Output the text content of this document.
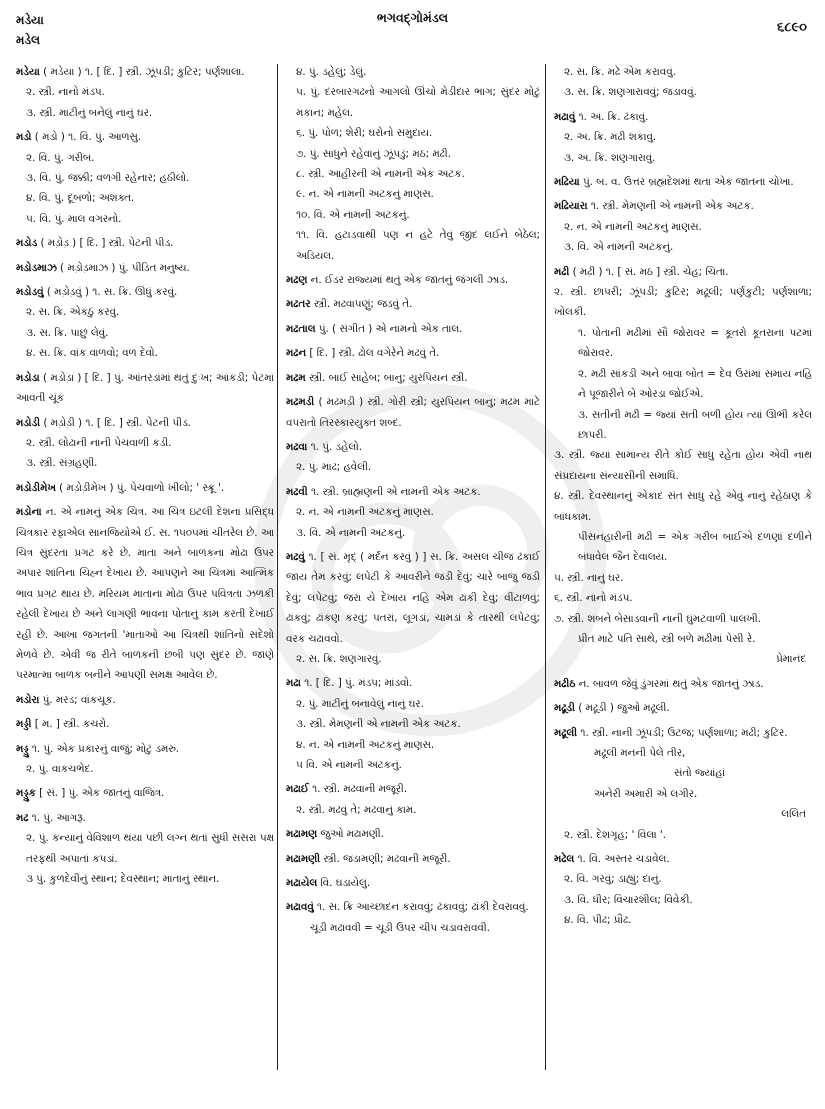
મડેયા
મડેલ
ભગવદ્ગોમંડલ
૬૮૯૦
મડેયા ( મડેયા ) ૧. [ દિ. ] સ્ત્રી. ઝૂંપડી; કુટિર; પર્ણશાલા.
૨. સ્ત્રી. નાનો મંડપ.
૩. સ્ત્રી. માટીનું બનેલું નાનું ઘર.
મડો ( મડો ) ૧. વિ. પું. આળસુ.
૨. વિ. પું. ગરીબ.
૩. વિ. પું. જક્કી; વળગી રહેનાર; હઠીલો.
૪. વિ. પું. દૂબળો; અશક્ત.
૫. વિ. પું. માલ વગરનો.
મડોડ ( મડ઼ોડ઼ ) [ દિ. ] સ્ત્રી. પેટની પીડ.
મડોડમાઝ ( મડ઼ોડ઼માઝ ) પું. પીડિત મનુષ્ય.
મડોડવું ( મડ઼ોડ઼વું ) ૧. સ. ક્રિ. ઊંધું કરવું.
૨. સ. ક્રિ. એકઠું કરવું.
૩. સ. ક્રિ. પાછું લેવું.
૪. સ. ક્રિ. વાંક વાળવો; વળ દેવો.
મડોડા ( મડ઼ોડ઼ા ) [ દિ. ] પું. આંતરડાંમાં થતું દુઃખ; આંકડી; પેટમાં આવતી ચૂંક
મડોડી ( મડ઼ોડ઼ી ) ૧. [ દિ. ] સ્ત્રી. પેટની પીડ.
૨. સ્ત્રી. લોઢાની નાની પેચવાળી કડી.
૩. સ્ત્રી. સંગ્રહણી.
મડોડીમેખ ( મડ઼ોડ઼ીમેખ ) પું. પેચવાળો ખીલો; ' સ્ક્રૂ '.
મડોના ન. એ નામનું એક ચિત્ર. આ ચિત્ર ઇટલી દેશના પ્રસિદ્ધ ચિત્રકાર રફાએલ સાનજિયોએ ઈ. સ. ૧૫૦૫માં ચીતરેલ છે. આ ચિત્ર સુંદરતા પ્રગટ કરે છે. માતા અને બાળકના મોઢા ઉપર અપાર શાંતિના ચિહ્ન દેખાય છે. આપણને આ ચિત્રમાં આત્મિક ભાવ પ્રગટ થાય છે. મરિયમ માતાના મોઢા ઉપર પવિત્રતા ઝળકી રહેલી દેખાય છે અને લાગણી ભાવના પોતાનું કામ કરતી દેખાઈ રહી છે. આખા જગતની 'માતાઓ આ ચિત્રથી શાંતિનો સંદેશો મેળવે છે. એવી જ રીતે બાળકની છબી પણ સુંદર છે. જાણે પરમાત્મા બાળક બનીને આપણી સમક્ષ આવેલ છે.
મડોરા પું. મરડ; વાંકચૂક.
મડ્ડી [ મ. ] સ્ત્રી. કચરો.
મડ્ડુ ૧. પું. એક પ્રકારનું વાજું; મોટું ડમરુ.
૨. પું. વાકચભેદ.
મડ્ડુક [ સં. ] પું. એક જાતનું વાજિંત્ર.
મઢ ૧. પું. આગરૂ.
૨. પું. કન્યાનું વેવિશાળ થયા પછી લગ્ન થતાં સુધી સસરા પક્ષ તરફથી અપાતાં કપડાં.
૩ પું. કુળદેવીનું સ્થાન; દેવસ્થાન; માતાનું સ્થાન.
૪. પું. ડહેલું; ડેલું.
૫. પું. દરબારગઢનો આગલો ઊંચો મેડીદાર ભાગ; સુંદર મોટું મકાન; મહેલ.
૬. પું. પોળ; શેરી; ઘરોનો સમુદાય.
૭. પું. સાધુને રહેવાનું ઝૂંપડું; મઠ; મઢી.
૮. સ્ત્રી. આહીરની એ નામની એક અટક.
૯. ન. એ નામની અટકનું માણસ.
૧૦. વિ. એ નામની અટકનું.
૧૧. વિ. હટાડવાથી પણ ન હટે તેવું જીદ લઈને બેઠેલ; અડિયલ.
મઢણ ન. ઈડર રાજ્યમાં થતું એક જાતનું જંગલી ઝાડ.
મઢતર સ્ત્રી. મઢવાપણું; જડવું તે.
મઢતાલ પું. ( સંગીત ) એ નામનો એક તાલ.
મઢન [ દિ. ] સ્ત્રી. ઢોલ વગેરેને મઢવું તે.
મઢમ સ્ત્રી. બાઈ સાહેબ; બાનુ; યુરપિયન સ્ત્રી.
મઢમડી ( મઢમડ઼ી ) સ્ત્રી. ગોરી સ્ત્રી; યુરપિયન બાનુ; મઢમ માટે વપરાતો તિરસ્કારયુક્ત શબ્દ.
મઢવા ૧. પું. ડહેલો.
૨. પું. માઢ; હવેલી.
મઢવી ૧. સ્ત્રી. બ્રાહ્મણની એ નામની એક અટક.
૨. ન. એ નામની અટકનું માણસ.
૩. વિ. એ નામની અટકનું.
મઢવું ૧. [ સં. મૃદ્ ( મર્દન કરવું ) ] સ. ક્રિ. અસલ ચીજ ઢંકાઈ જાય તેમ કરવું; લપેટી કે આવરીને જડી દેવું; ચારે બાજુ જડી દેવું; લપેટવું; જરા યે દેખાય નહિ એમ ઢાંકી દેવું; વીંટાળવું; ઢાંકવું; ઢાંકણ કરવું; પતરાં, લૂગડાં, ચામડાં કે તારથી લપેટવું; વરક ચઢાવવો.
૨. સ. ક્રિ. શણગારવું.
મઢા ૧. [ દિ. ] પું. મંડપ; માંડવો.
૨. પું. માટીનું બનાવેલું નાનું ઘર.
૩. સ્ત્રી. મેમણની એ નામની એક અટક.
૪. ન. એ નામની અટકનું માણસ.
૫ વિ. એ નામની અટકનું.
મઢાઈ ૧. સ્ત્રી. મઢવાની મજૂરી.
૨. સ્ત્રી. મઢવું તે; મઢવાનું કામ.
મઢામણ જુઓ મઢામણી.
મઢામણી સ્ત્રી. જડામણી; મઢવાની મજૂરી.
મઢાયેલ વિ. ઘડાયેલું.
મઢાવવું ૧. સ. ક્રિ આચ્છાદન કરાવવું; ઢંકાવવું; ઢાંકી દેવરાવવું.
ચૂડી મઢાવવી = ચૂડી ઉપર ચીપ ચડાવરાવવી.
૨. સ. ક્રિ. મઢે એમ કરાવવું.
૩. સ. ક્રિ. શણગારાવવું; જડાવવું.
મઢાવું ૧. અ. ક્રિ. ઢંકાવું.
૨. અ. ક્રિ. મઢી શકાવું.
૩. અ. ક્રિ. શણગારાવું.
મઢિયા પું. બ. વ. ઉત્તર બ્રહ્મદેશમાં થતા એક જાતના ચોખા.
મઢિયારા ૧. સ્ત્રી. મેમણની એ નામની એક અટક.
૨. ન. એ નામની અટકનું માણસ.
૩. વિ. એ નામની અટકનું.
મઢી ( મઢ઼ી ) ૧. [ સં. મઠ ] સ્ત્રી. ચેહ; ચિતા.
૨. સ્ત્રી. છાપરી; ઝૂંપડી; કુટિર; મઢૂલી; પર્ણકુટી; પર્ણશાળા; ખોલકી.
૧. પોતાની મઢીમાં સૌ જોરાવર = કૂતરો કૂતરાના પટમાં જોરાવર.
૨. મઢી સાંકડી અને બાવા બોત = દેવ ઉરાંમાં સમાય નહિ ને પૂજારીને બે ઓરડા જોઈએ.
૩. સતીની મઢી = જ્યાં સતી બળી હોય ત્યાં ઊભી કરેલ છાપરી.
૩. સ્ત્રી. જ્યાં સામાન્ય રીતે કોઈ સાધુ રહેતા હોય એવી નાથ સંપ્રદાયના સંન્યાસીની સમાધિ.
૪. સ્ત્રી. દેવસ્થાનનું એકાદ સંત સાધુ રહે એવું નાનું રહેઠાણ કે બાંધકામ.
પીસનહારીની મઢી = એક ગરીબ બાઈએ દળણાં દળીને બંધાવેલ જૈન દેવાલય.
૫. સ્ત્રી. નાનું ઘર.
૬. સ્ત્રી. નાનો મંડપ.
૭. સ્ત્રી. શબને બેસાડવાની નાની ઘુંમટવાળી પાલખી.
પ્રીત માટે પતિ સાથે, સ્ત્રી બળે મઢીમાં પેસી રે.
પ્રેમાનંદ
મઢીઠ ન. બાવળ જેવું ડુંગરમાં થતું એક જાતનું ઝાડ.
મઢૂડી ( મઢૂડ઼ી ) જુઓ મઢૂલી.
મઢૂલી ૧. સ્ત્રી. નાની ઝૂંપડી; ઉટજ; પર્ણશાળા; મઢી; કુટિર.
મઢૂલી મનની પેલે તીર,
સંતો જ્યાંહાં
અનેરી અમારી એ લગીર.
લલિત
૨. સ્ત્રી. દેશગૃહ; ' વિલા '.
મઢેલ ૧. વિ. અસ્તર ચડાવેલ.
૨. વિ. ગરવું; ડાહ્યું; દાનું.
૩. વિ. ધીર; વિચારશીલ; વિવેકી.
૪. વિ. પીઢ; પ્રૌઢ.
